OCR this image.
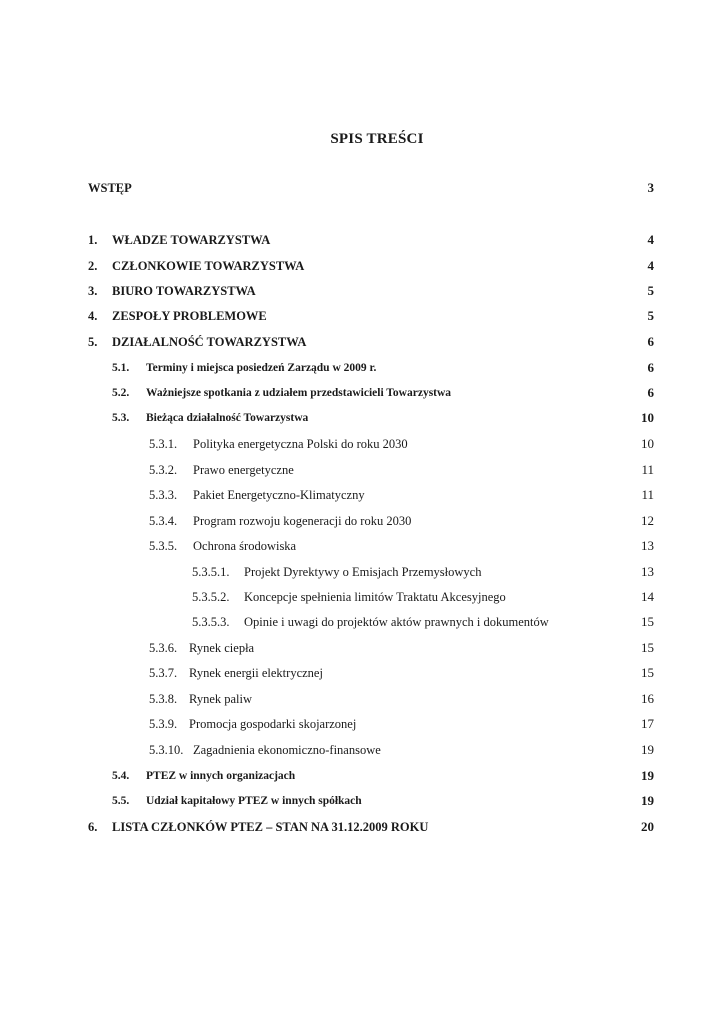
SPIS TREŚCI
WSTĘP	3
1. WŁADZE TOWARZYSTWA	4
2. CZŁONKOWIE TOWARZYSTWA	4
3. BIURO TOWARZYSTWA	5
4. ZESPOŁY PROBLEMOWE	5
5. DZIAŁALNOŚĆ TOWARZYSTWA	6
5.1. Terminy i miejsca posiedzeń Zarządu w 2009 r.	6
5.2. Ważniejsze spotkania z udziałem przedstawicieli Towarzystwa	6
5.3. Bieżąca działalność Towarzystwa	10
5.3.1. Polityka energetyczna Polski do roku 2030	10
5.3.2. Prawo energetyczne	11
5.3.3. Pakiet Energetyczno-Klimatyczny	11
5.3.4. Program rozwoju kogeneracji do roku 2030	12
5.3.5. Ochrona środowiska	13
5.3.5.1. Projekt Dyrektywy o Emisjach Przemysłowych	13
5.3.5.2. Koncepcje spełnienia limitów Traktatu Akcesyjnego	14
5.3.5.3. Opinie i uwagi do projektów aktów prawnych i dokumentów	15
5.3.6. Rynek ciepła	15
5.3.7. Rynek energii elektrycznej	15
5.3.8. Rynek paliw	16
5.3.9. Promocja gospodarki skojarzonej	17
5.3.10. Zagadnienia ekonomiczno-finansowe	19
5.4. PTEZ w innych organizacjach	19
5.5. Udział kapitałowy PTEZ w innych spółkach	19
6. LISTA CZŁONKÓW PTEZ – STAN NA 31.12.2009 ROKU	20
